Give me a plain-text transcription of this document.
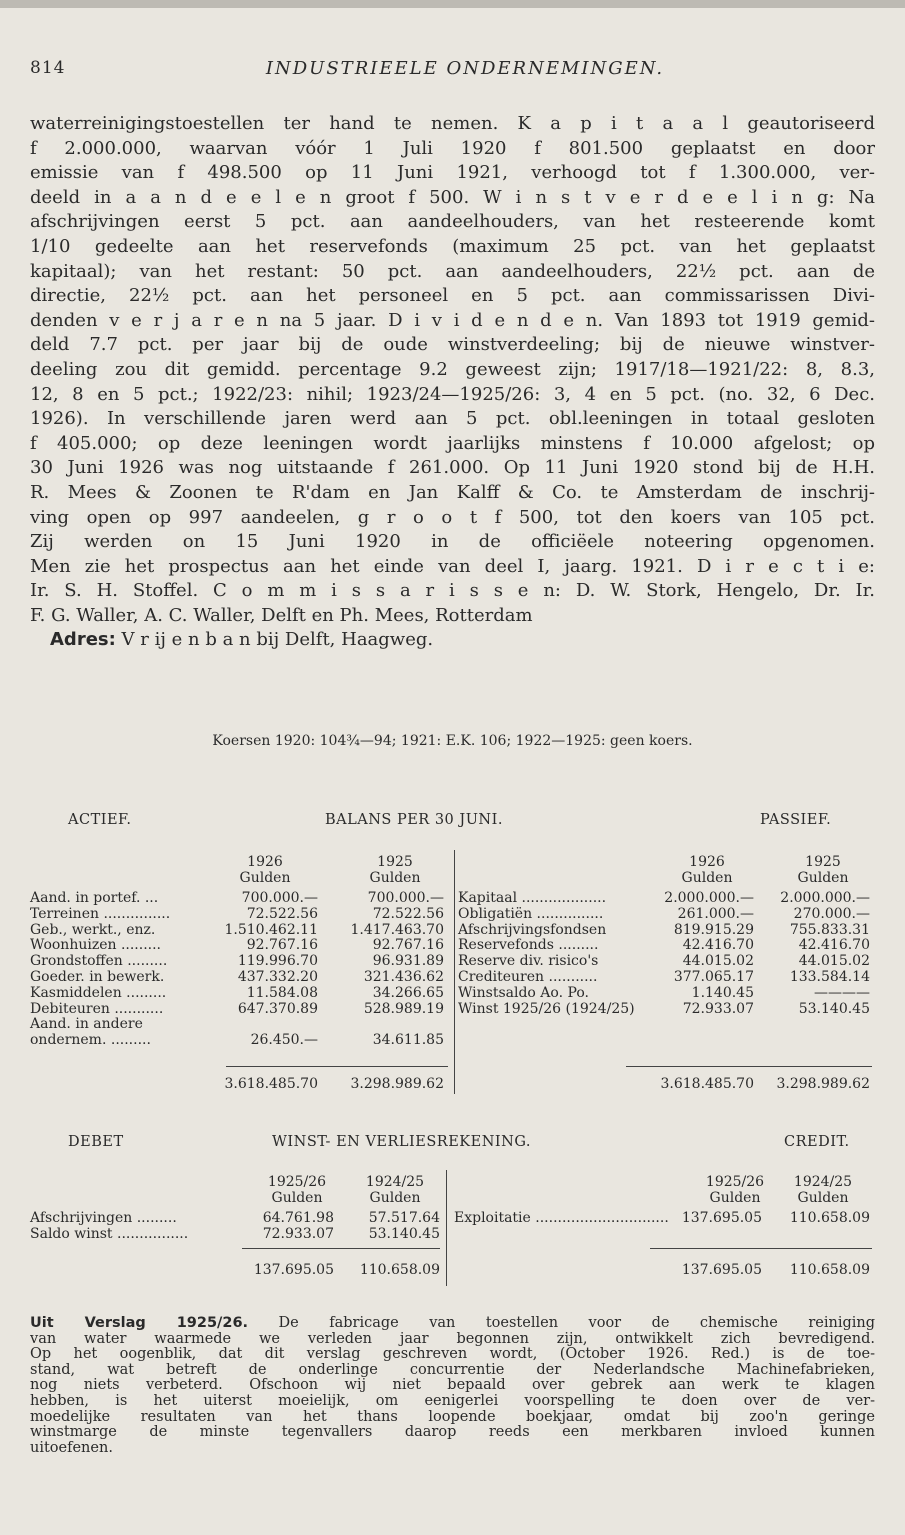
814	INDUSTRIEELE ONDERNEMINGEN.
waterreinigingstoestellen ter hand te nemen. K a p i t a a l geautoriseerd
f 2.000.000, waarvan vóór 1 Juli 1920 f 801.500 geplaatst en door
emissie van f 498.500 op 11 Juni 1921, verhoogd tot f 1.300.000, ver-
deeld in a a n d e e l e n groot f 500. W i n s t v e r d e e l i n g: Na
afschrijvingen eerst 5 pct. aan aandeelhouders, van het resteerende komt
1/10 gedeelte aan het reservefonds (maximum 25 pct. van het geplaatst
kapitaal); van het restant: 50 pct. aan aandeelhouders, 22½ pct. aan de
directie, 22½ pct. aan het personeel en 5 pct. aan commissarissen Divi-
denden v e r j a r e n na 5 jaar. D i v i d e n d e n. Van 1893 tot 1919 gemid-
deld 7.7 pct. per jaar bij de oude winstverdeeling; bij de nieuwe winstver-
deeling zou dit gemidd. percentage 9.2 geweest zijn; 1917/18—1921/22: 8, 8.3,
12, 8 en 5 pct.; 1922/23: nihil; 1923/24—1925/26: 3, 4 en 5 pct. (no. 32, 6 Dec.
1926). In verschillende jaren werd aan 5 pct. obl.leeningen in totaal gesloten
f 405.000; op deze leeningen wordt jaarlijks minstens f 10.000 afgelost; op
30 Juni 1926 was nog uitstaande f 261.000. Op 11 Juni 1920 stond bij de H.H.
R. Mees & Zoonen te R'dam en Jan Kalff & Co. te Amsterdam de inschrij-
ving open op 997 aandeelen, g r o o t f 500, tot den koers van 105 pct.
Zij werden on 15 Juni 1920 in de officiëele noteering opgenomen.
Men zie het prospectus aan het einde van deel I, jaarg. 1921. D i r e c t i e:
Ir. S. H. Stoffel. C o m m i s s a r i s s e n: D. W. Stork, Hengelo, Dr. Ir.
F. G. Waller, A. C. Waller, Delft en Ph. Mees, Rotterdam
Adres: V r ij e n b a n bij Delft, Haagweg.
Koersen 1920: 104¾—94; 1921: E.K. 106; 1922—1925: geen koers.
ACTIEF.	BALANS PER 30 JUNI.	PASSIEF.
1926	1925
Gulden	Gulden
1926	1925
Gulden	Gulden
Aand. in portef. ...	700.000.—	700.000.—
Terreinen ...............	72.522.56	72.522.56
Geb., werkt., enz.	1.510.462.11	1.417.463.70
Woonhuizen .........	92.767.16	92.767.16
Grondstoffen .........	119.996.70	96.931.89
Goeder. in bewerk.	437.332.20	321.436.62
Kasmiddelen .........	11.584.08	34.266.65
Debiteuren ...........	647.370.89	528.989.19
Aand. in andere
ondernem. .........	26.450.—	34.611.85
Kapitaal ...................	2.000.000.—	2.000.000.—
Obligatiën ...............	261.000.—	270.000.—
Afschrijvingsfondsen	819.915.29	755.833.31
Reservefonds .........	42.416.70	42.416.70
Reserve div. risico's	44.015.02	44.015.02
Crediteuren ...........	377.065.17	133.584.14
Winstsaldo Ao. Po.	1.140.45	————
Winst 1925/26 (1924/25)	72.933.07	53.140.45
3.618.485.70	3.298.989.62	3.618.485.70	3.298.989.62
DEBET	WINST- EN VERLIESREKENING.	CREDIT.
1925/26	1924/25
Gulden	Gulden
1925/26	1924/25
Gulden	Gulden
Afschrijvingen .........	64.761.98	57.517.64
Saldo winst ................	72.933.07	53.140.45
Exploitatie .............................. 137.695.05	110.658.09
137.695.05	110.658.09	137.695.05	110.658.09
Uit Verslag 1925/26. De fabricage van toestellen voor de chemische reiniging
van water waarmede we verleden jaar begonnen zijn, ontwikkelt zich bevredigend.
Op het oogenblik, dat dit verslag geschreven wordt, (October 1926. Red.) is de toe-
stand, wat betreft de onderlinge concurrentie der Nederlandsche Machinefabrieken,
nog niets verbeterd. Ofschoon wij niet bepaald over gebrek aan werk te klagen
hebben, is het uiterst moeielijk, om eenigerlei voorspelling te doen over de ver-
moedelijke resultaten van het thans loopende boekjaar, omdat bij zoo'n geringe
winstmarge de minste tegenvallers daarop reeds een merkbaren invloed kunnen
uitoefenen.
